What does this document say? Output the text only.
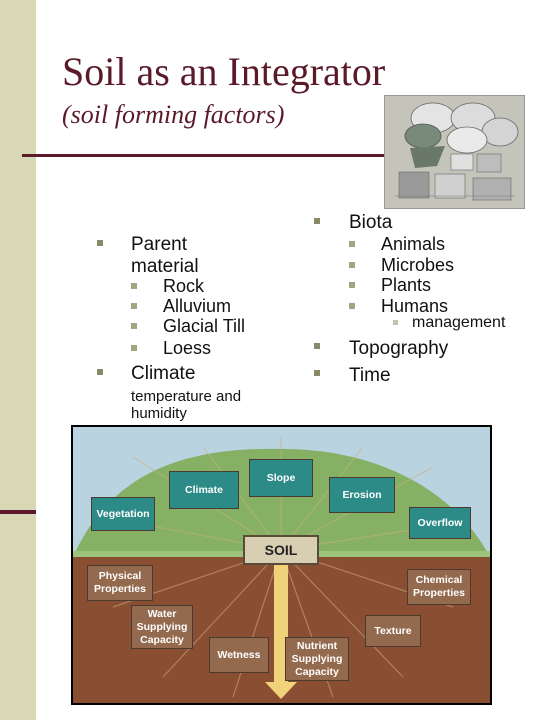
Soil as an Integrator
(soil forming factors)
Parent
material
Rock
Alluvium
Glacial Till
Loess
Climate
temperature and
humidity
Biota
Animals
Microbes
Plants
Humans
management
Topography
Time
SOIL
Slope
Climate	Erosion
Vegetation
Overflow
Physical
Properties
Chemical
Properties
Water
Supplying
Capacity
Texture
Wetness
Nutrient
Supplying
Capacity
